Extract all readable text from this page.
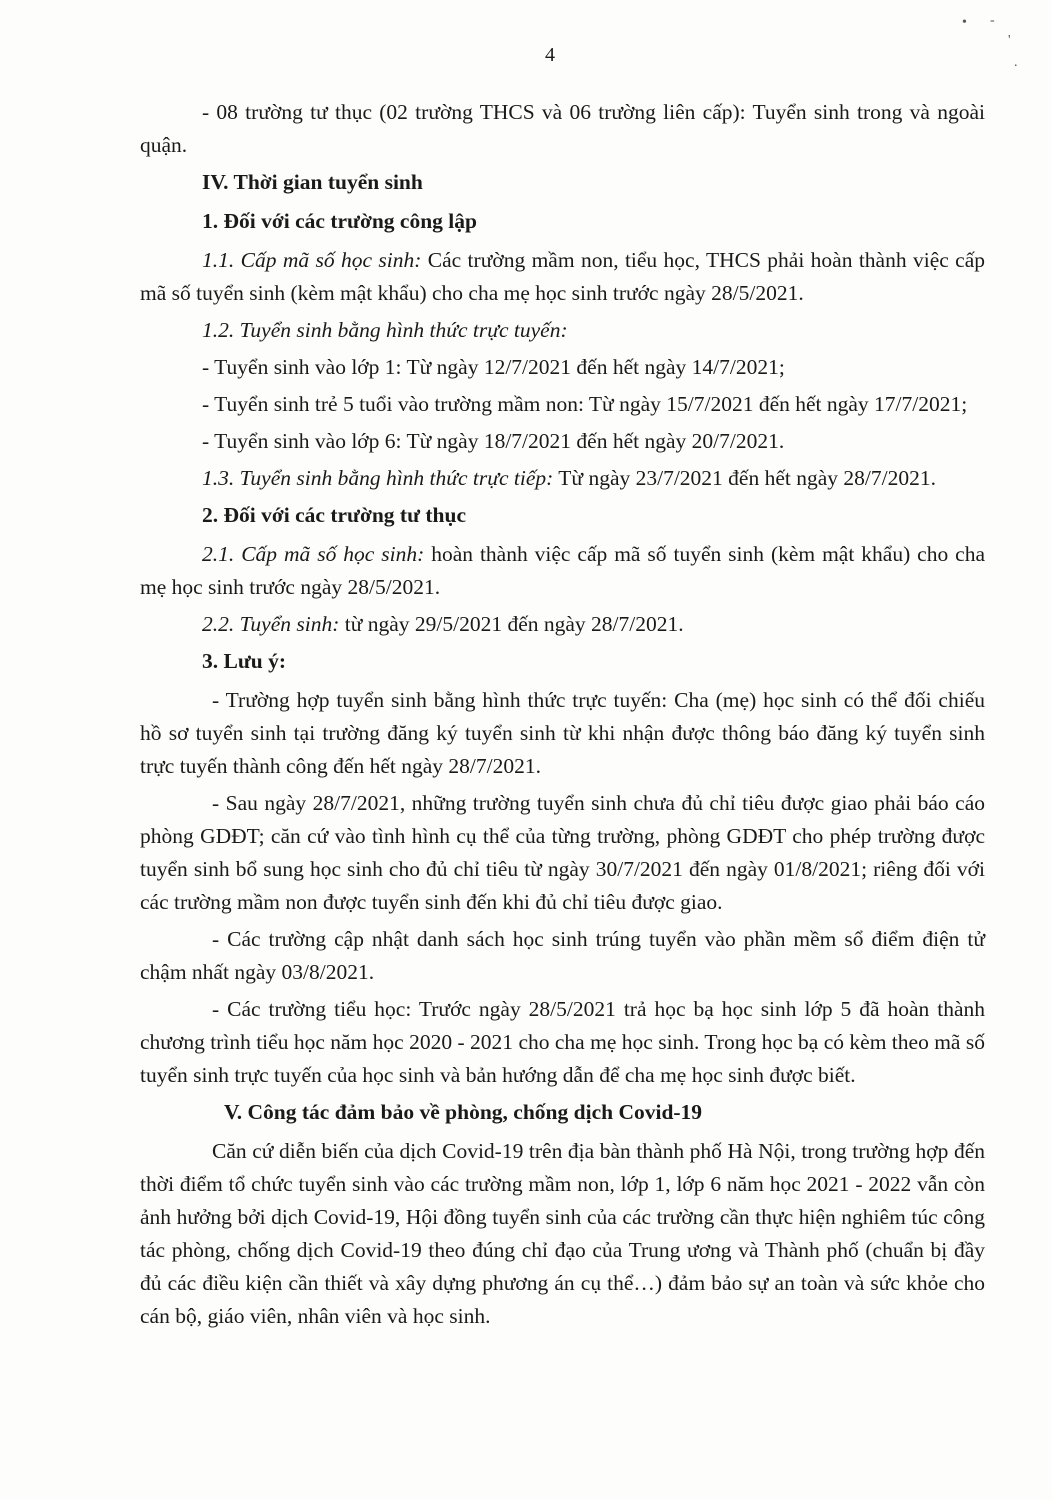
• -
'
.
4

- 08 trường tư thục (02 trường THCS và 06 trường liên cấp): Tuyển sinh trong và ngoài quận.

IV. Thời gian tuyển sinh

1. Đối với các trường công lập

1.1. Cấp mã số học sinh: Các trường mầm non, tiểu học, THCS phải hoàn thành việc cấp mã số tuyển sinh (kèm mật khẩu) cho cha mẹ học sinh trước ngày 28/5/2021.

1.2. Tuyển sinh bằng hình thức trực tuyến:

- Tuyển sinh vào lớp 1: Từ ngày 12/7/2021 đến hết ngày 14/7/2021;

- Tuyển sinh trẻ 5 tuổi vào trường mầm non: Từ ngày 15/7/2021 đến hết ngày 17/7/2021;

- Tuyển sinh vào lớp 6: Từ ngày 18/7/2021 đến hết ngày 20/7/2021.

1.3. Tuyển sinh bằng hình thức trực tiếp: Từ ngày 23/7/2021 đến hết ngày 28/7/2021.

2. Đối với các trường tư thục

2.1. Cấp mã số học sinh: hoàn thành việc cấp mã số tuyển sinh (kèm mật khẩu) cho cha mẹ học sinh trước ngày 28/5/2021.

2.2. Tuyển sinh: từ ngày 29/5/2021 đến ngày 28/7/2021.

3. Lưu ý:

- Trường hợp tuyển sinh bằng hình thức trực tuyến: Cha (mẹ) học sinh có thể đối chiếu hồ sơ tuyển sinh tại trường đăng ký tuyển sinh từ khi nhận được thông báo đăng ký tuyển sinh trực tuyến thành công đến hết ngày 28/7/2021.

- Sau ngày 28/7/2021, những trường tuyển sinh chưa đủ chỉ tiêu được giao phải báo cáo phòng GDĐT; căn cứ vào tình hình cụ thể của từng trường, phòng GDĐT cho phép trường được tuyển sinh bổ sung học sinh cho đủ chỉ tiêu từ ngày 30/7/2021 đến ngày 01/8/2021; riêng đối với các trường mầm non được tuyển sinh đến khi đủ chỉ tiêu được giao.

- Các trường cập nhật danh sách học sinh trúng tuyển vào phần mềm sổ điểm điện tử chậm nhất ngày 03/8/2021.

- Các trường tiểu học: Trước ngày 28/5/2021 trả học bạ học sinh lớp 5 đã hoàn thành chương trình tiểu học năm học 2020 - 2021 cho cha mẹ học sinh. Trong học bạ có kèm theo mã số tuyển sinh trực tuyến của học sinh và bản hướng dẫn để cha mẹ học sinh được biết.

V. Công tác đảm bảo về phòng, chống dịch Covid-19

Căn cứ diễn biến của dịch Covid-19 trên địa bàn thành phố Hà Nội, trong trường hợp đến thời điểm tổ chức tuyển sinh vào các trường mầm non, lớp 1, lớp 6 năm học 2021 - 2022 vẫn còn ảnh hưởng bởi dịch Covid-19, Hội đồng tuyển sinh của các trường cần thực hiện nghiêm túc công tác phòng, chống dịch Covid-19 theo đúng chỉ đạo của Trung ương và Thành phố (chuẩn bị đầy đủ các điều kiện cần thiết và xây dựng phương án cụ thể…) đảm bảo sự an toàn và sức khỏe cho cán bộ, giáo viên, nhân viên và học sinh.
